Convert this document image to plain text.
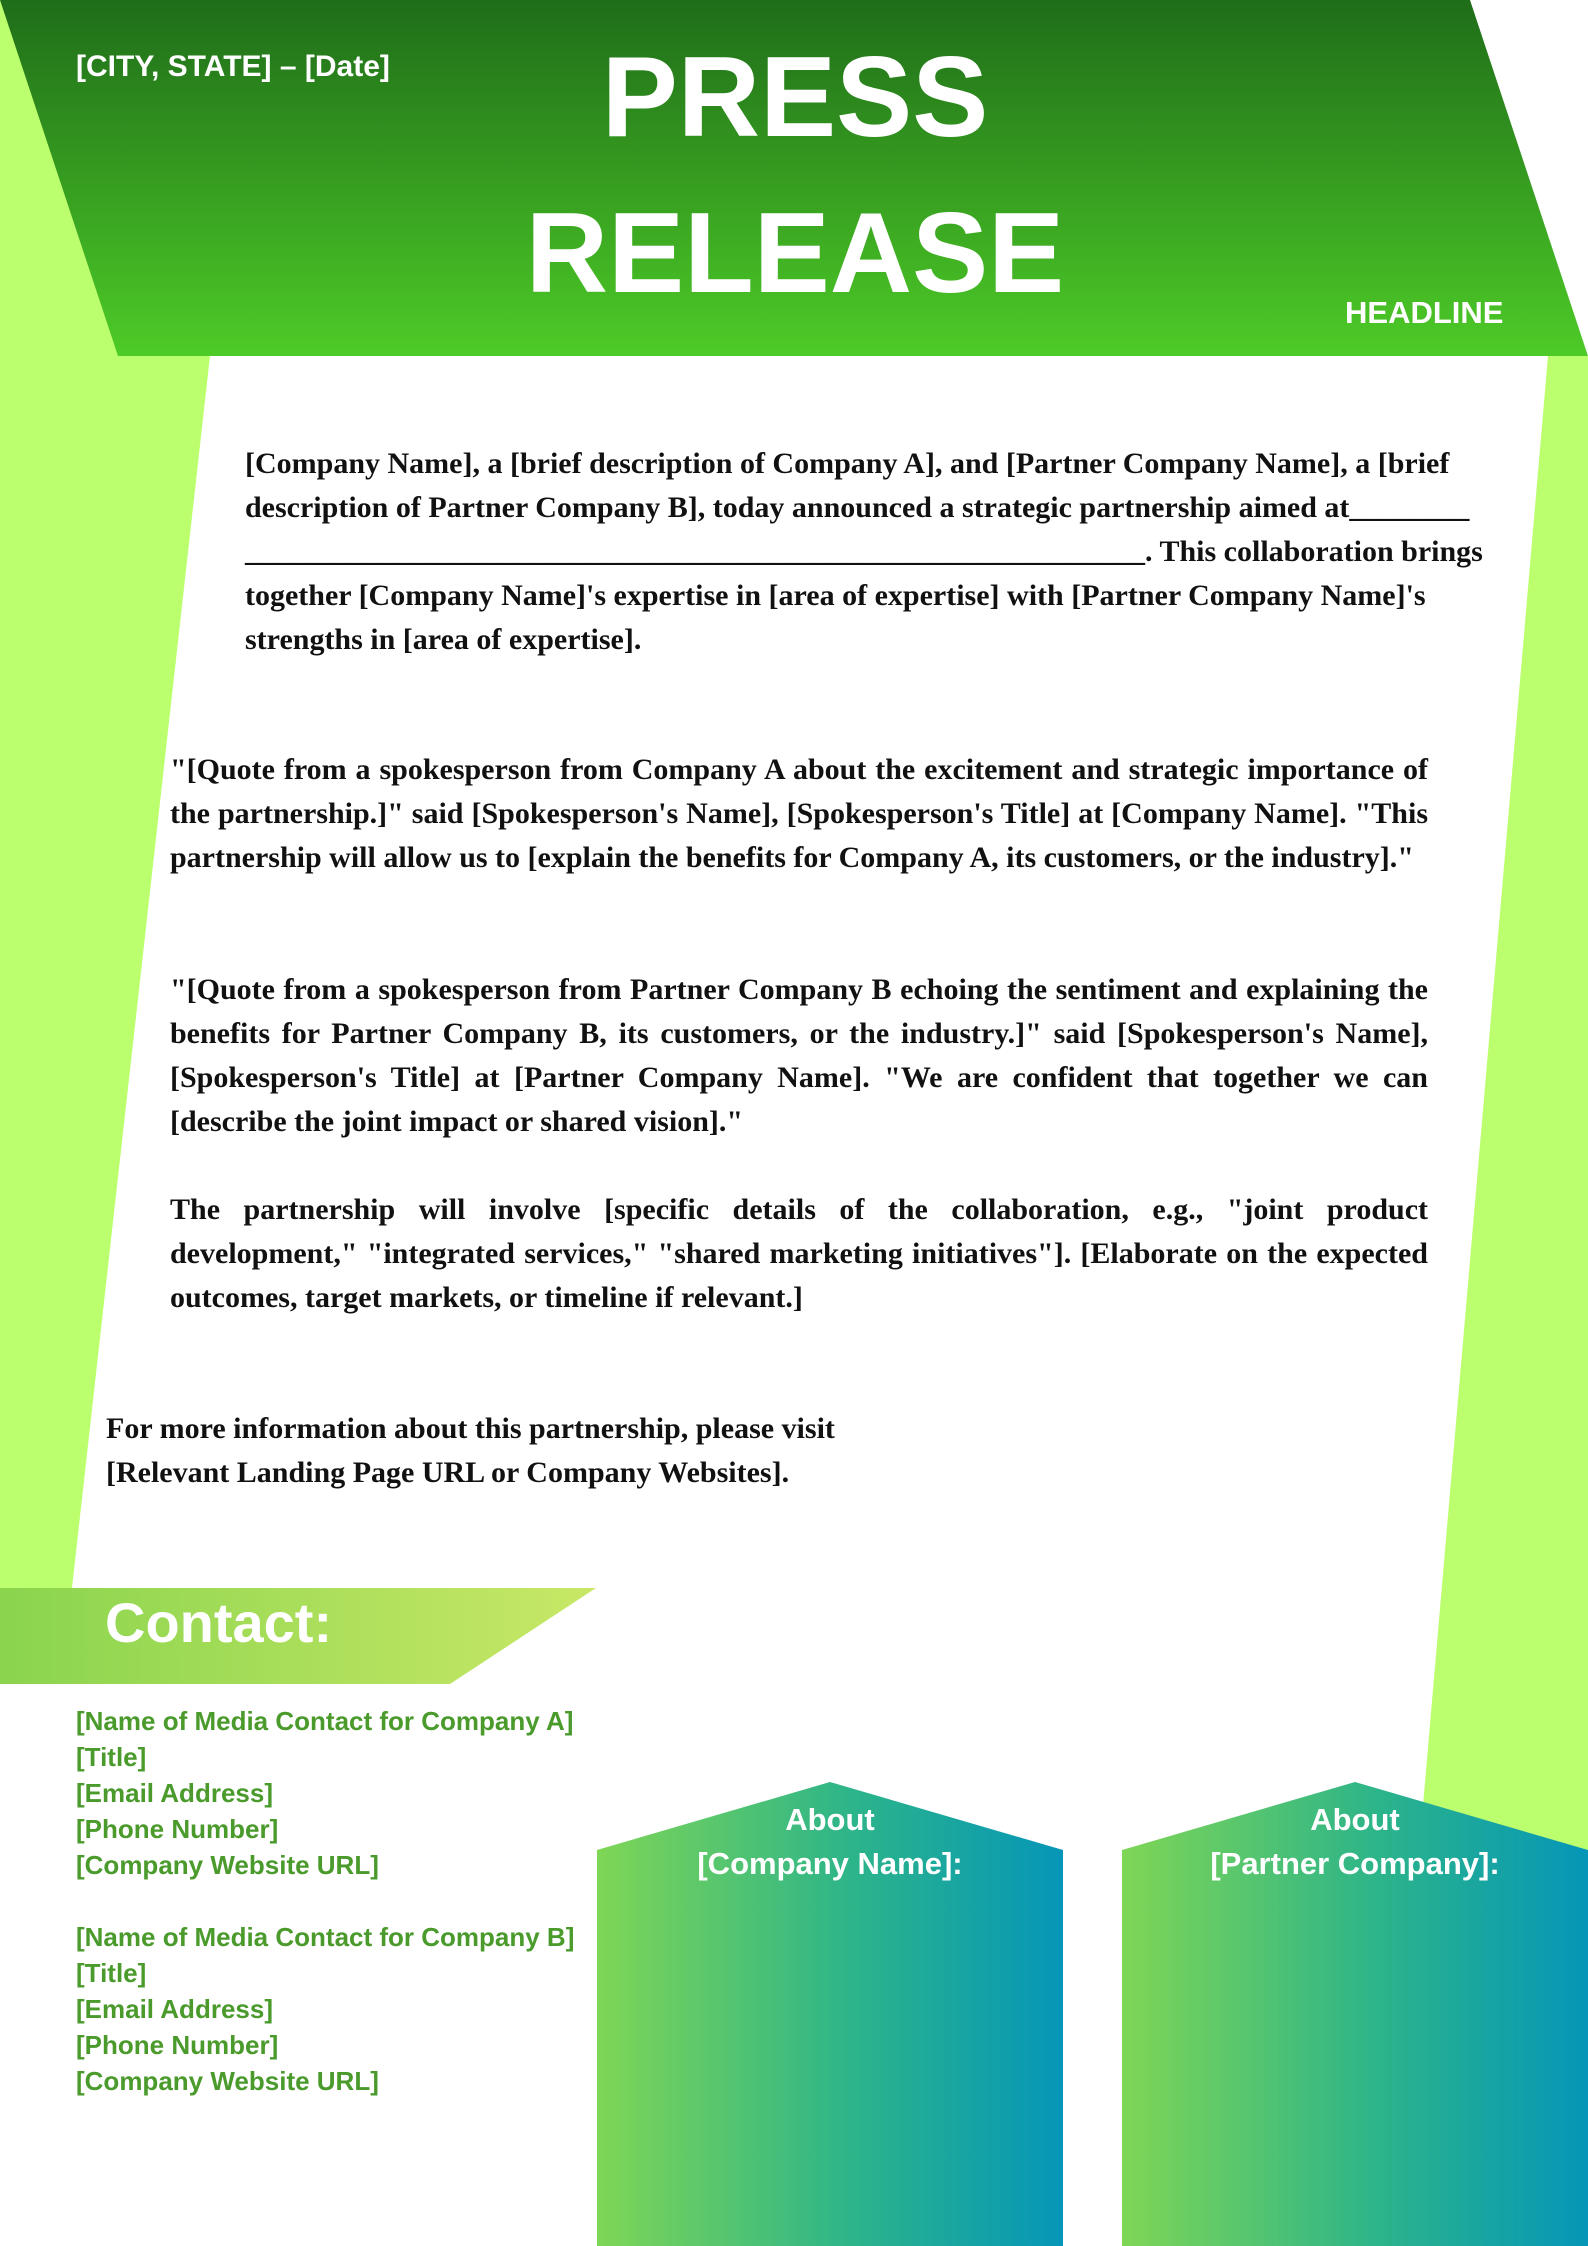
[CITY, STATE] – [Date]	PRESS
RELEASE	HEADLINE
[Company Name], a [brief description of Company A], and [Partner Company Name], a [brief description of Partner Company B], today announced a strategic partnership aimed at________ ____________________________________________________________. This collaboration brings together [Company Name]'s expertise in [area of expertise] with [Partner Company Name]'s strengths in [area of expertise].
"[Quote from a spokesperson from Company A about the excitement and strategic importance of the partnership.]" said [Spokesperson's Name], [Spokesperson's Title] at [Company Name]. "This partnership will allow us to [explain the benefits for Company A, its customers, or the industry]."
"[Quote from a spokesperson from Partner Company B echoing the sentiment and explaining the benefits for Partner Company B, its customers, or the industry.]" said [Spokesperson's Name], [Spokesperson's Title] at [Partner Company Name]. "We are confident that together we can [describe the joint impact or shared vision]."
The partnership will involve [specific details of the collaboration, e.g., "joint product development," "integrated services," "shared marketing initiatives"]. [Elaborate on the expected outcomes, target markets, or timeline if relevant.]
For more information about this partnership, please visit
[Relevant Landing Page URL or Company Websites].
Contact:
[Name of Media Contact for Company A]
[Title]
[Email Address]
[Phone Number]
[Company Website URL]
[Name of Media Contact for Company B]
[Title]
[Email Address]
[Phone Number]
[Company Website URL]
About
[Company Name]:
About
[Partner Company]:
